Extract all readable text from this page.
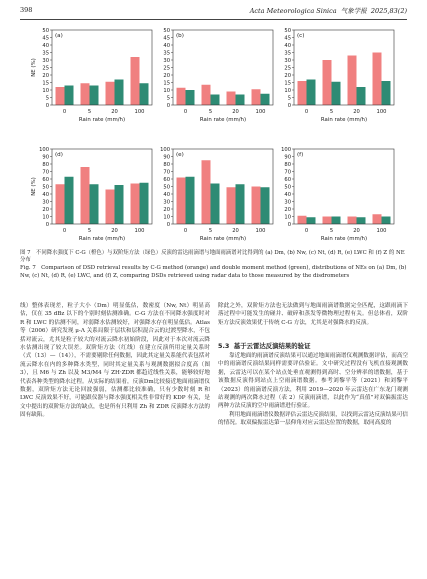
398	Acta Meteorologica Sinica 气象学报 2025,83(2)
0
5
10
15
20
25
30
35
40
45
50
0	5	20	100
(a)
Rain rate (mm/h)
NE (%)
0
5
10
15
20
25
30
35
40
45
50
0	5	20	100
(b)
Rain rate (mm/h)
0
5
10
15
20
25
30
35
40
45
50
0	5	20	100
(c)
Rain rate (mm/h)
0
10
20
30
40
50
60
70
80
90
100
0	5	20	100
(d)
Rain rate (mm/h)
NE (%)
0
10
20
30
40
50
60
70
80
90
100
0	5	20	100
(e)
Rain rate (mm/h)
0
10
20
30
40
50
60
70
80
90
100
0	5	20	100
(f)
Rain rate (mm/h)

图 7　不同降水强度下 C-G（橙色）与双阶矩方法（绿色）反演的雷达雨滴谱与地面雨滴谱对比得到的 (a) Dm, (b) Nw, (c) Nt, (d) R, (e) LWC 和 (f) Z 的 NE 分布

Fig. 7　Comparison of DSD retrieval results by C-G method (orange) and double moment method (green), distributions of NEs on (a) Dm, (b) Nw, (c) Nt, (d) R, (e) LWC, and (f) Z, comparing DSDs retrieved using radar data to those measured by the disdrometers

线）整体表现差，粒子大小（Dm）明显低估，数密度（Nw, Nt）明显高估，仅在 35 dBz 以下的个别时刻估测准确。C-G 方法在不同降水强度时对 R 和 LWC 的估测不同，对弱降水估测较好，对强降水存在明显低估。Atlas 等（2006）研究发现 μ-Λ 关系局限于层状和层积混合云的过渡型降水，不包括对流云，尤其是粒子较大的对流云降水初始阶段，因此对于本次对流云降水估测出现了较大误差。双阶矩方法（红线）在建立反演所用定量关系时（式（13）—（14）），不需要剔除任何数据，因此其定量关系能代表包括对流云降水在内的多种降水类型，同时其定量关系与观测数据拟合度高（图 3），且 M6 与 Zh 以及 M3/M4 与 ZH·ZDR 都趋近线性关系，能够较好地代表各种类型的降水过程。从实际的结果看，反演Dm比较接近地面雨滴谱仪数据，双阶矩方法无论回波强弱，估测都比较准确，只有少数时刻 R 和 LWC 反演效果不好，可能跟仪器与降水强度相关性非常好的 KDP 有关，是文中提出的双阶矩方法的缺点，也是所有只利用 Zh 和 ZDR 反演降水方法的固有缺陷。

除此之外，双阶矩方法也无法做到与地面雨滴谱数据完全匹配，这跟雨滴下落过程中可能发生的碰并、破碎和蒸发等微物理过程有关。但总体看，双阶矩方法反演效果优于传统 C-G 方法，尤其是对强降水的反演。

5.3 基于云雷达反演结果的验证

靠近地面的雨滴谱反演结果可以通过地面雨滴谱仪观测数据评估，而高空中的雨滴谱反演结果同样需要评估验证。文中研究过程没有飞机直接观测数据，云雷达可以在某个站点处垂直观测得到高时、空分辨率的谱数据，基于该数据反演得到站点上空雨滴谱数据。参考刘黎平等（2021）和刘黎平（2023）的雨滴谱反演方法，利用 2019—2020 年云雷达在广东龙门观测站观测的两次降水过程（表 2）反演雨滴谱，以此作为“真值”对双偏振雷达两种方法反演的空中雨滴谱进行验证。

利用地面雨滴谱仪数据评估云雷达反演结果，以找到云雷达反演结果可信的情况。取双偏振雷达第一层仰角对应云雷达位置的数据，取同高度的
